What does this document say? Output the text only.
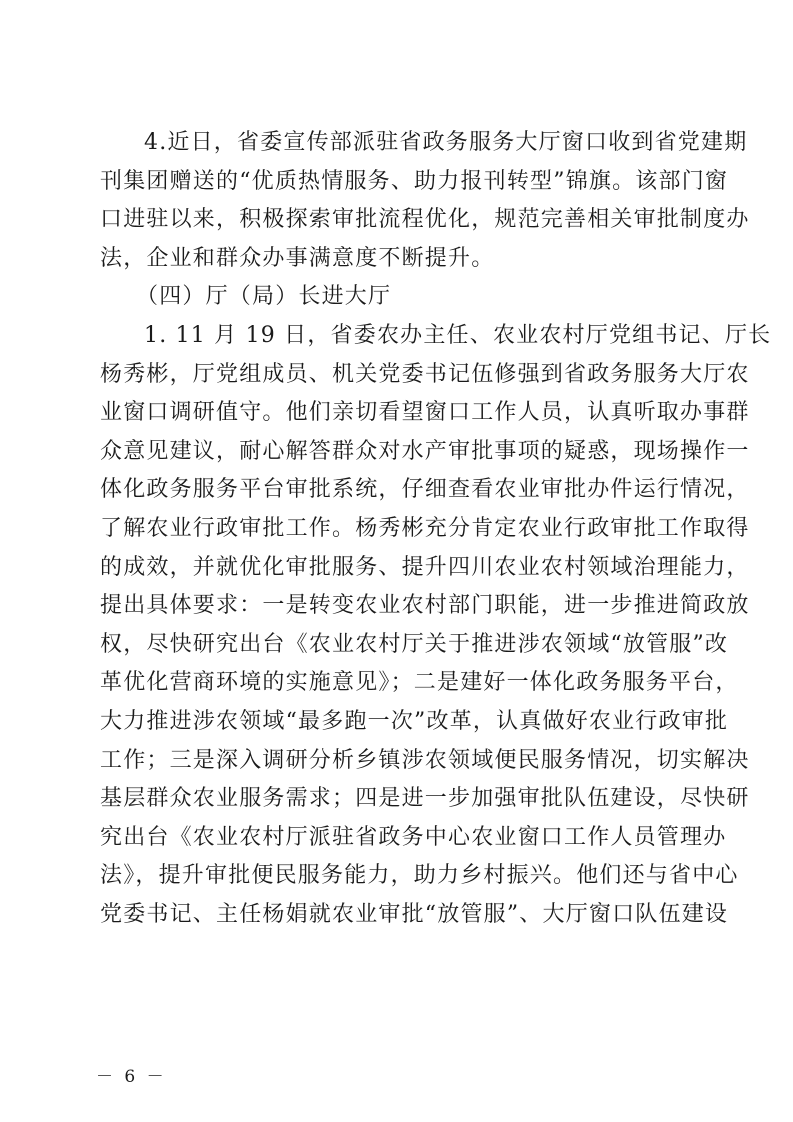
4.近日，省委宣传部派驻省政务服务大厅窗口收到省党建期
刊集团赠送的“优质热情服务、助力报刊转型”锦旗。该部门窗
口进驻以来，积极探索审批流程优化，规范完善相关审批制度办
法，企业和群众办事满意度不断提升。
（四）厅（局）长进大厅
1. 11 月 19 日，省委农办主任、农业农村厅党组书记、厅长
杨秀彬，厅党组成员、机关党委书记伍修强到省政务服务大厅农
业窗口调研值守。他们亲切看望窗口工作人员，认真听取办事群
众意见建议，耐心解答群众对水产审批事项的疑惑，现场操作一
体化政务服务平台审批系统，仔细查看农业审批办件运行情况，
了解农业行政审批工作。杨秀彬充分肯定农业行政审批工作取得
的成效，并就优化审批服务、提升四川农业农村领域治理能力，
提出具体要求：一是转变农业农村部门职能，进一步推进简政放
权，尽快研究出台《农业农村厅关于推进涉农领域“放管服”改
革优化营商环境的实施意见》；二是建好一体化政务服务平台，
大力推进涉农领域“最多跑一次”改革，认真做好农业行政审批
工作；三是深入调研分析乡镇涉农领域便民服务情况，切实解决
基层群众农业服务需求；四是进一步加强审批队伍建设，尽快研
究出台《农业农村厅派驻省政务中心农业窗口工作人员管理办
法》，提升审批便民服务能力，助力乡村振兴。他们还与省中心
党委书记、主任杨娟就农业审批“放管服”、大厅窗口队伍建设
－ 6 －
